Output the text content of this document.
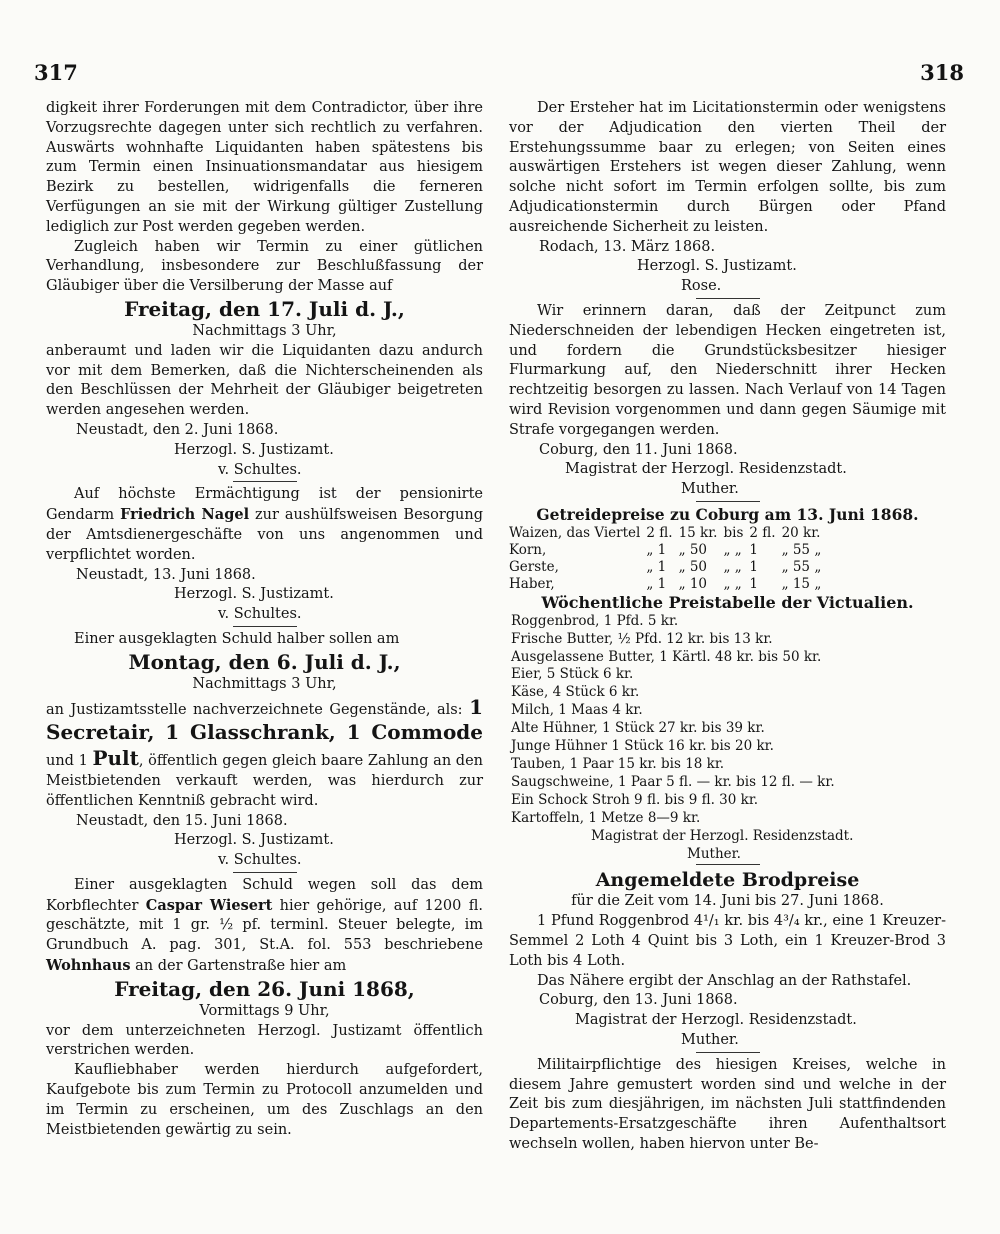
317	318

digkeit ihrer Forderungen mit dem Contradictor, über ihre Vorzugsrechte dagegen unter sich rechtlich zu verfahren. Auswärts wohnhafte Liquidanten haben spätestens bis zum Termin einen Insinuationsmandatar aus hiesigem Bezirk zu bestellen, widrigenfalls die ferneren Verfügungen an sie mit der Wirkung gültiger Zustellung lediglich zur Post werden gegeben werden.

Zugleich haben wir Termin zu einer gütlichen Verhandlung, insbesondere zur Beschlußfassung der Gläubiger über die Versilberung der Masse auf

Freitag, den 17. Juli d. J.,

Nachmittags 3 Uhr,

anberaumt und laden wir die Liquidanten dazu andurch vor mit dem Bemerken, daß die Nichterscheinenden als den Beschlüssen der Mehrheit der Gläubiger beigetreten werden angesehen werden.

Neustadt, den 2. Juni 1868.

Herzogl. S. Justizamt.

v. Schultes.

Auf höchste Ermächtigung ist der pensionirte Gendarm Friedrich Nagel zur aushülfsweisen Besorgung der Amtsdienergeschäfte von uns angenommen und verpflichtet worden.

Neustadt, 13. Juni 1868.

Herzogl. S. Justizamt.

v. Schultes.

Einer ausgeklagten Schuld halber sollen am

Montag, den 6. Juli d. J.,

Nachmittags 3 Uhr,

an Justizamtsstelle nachverzeichnete Gegenstände, als: 1 Secretair, 1 Glasschrank, 1 Commode und 1 Pult, öffentlich gegen gleich baare Zahlung an den Meistbietenden verkauft werden, was hierdurch zur öffentlichen Kenntniß gebracht wird.

Neustadt, den 15. Juni 1868.

Herzogl. S. Justizamt.

v. Schultes.

Einer ausgeklagten Schuld wegen soll das dem Korbflechter Caspar Wiesert hier gehörige, auf 1200 fl. geschätzte, mit 1 gr. ½ pf. terminl. Steuer belegte, im Grundbuch A. pag. 301, St.A. fol. 553 beschriebene Wohnhaus an der Gartenstraße hier am

Freitag, den 26. Juni 1868,

Vormittags 9 Uhr,

vor dem unterzeichneten Herzogl. Justizamt öffentlich verstrichen werden.

Kaufliebhaber werden hierdurch aufgefordert, Kaufgebote bis zum Termin zu Protocoll anzumelden und im Termin zu erscheinen, um des Zuschlags an den Meistbietenden gewärtig zu sein.

Der Ersteher hat im Licitationstermin oder wenigstens vor der Adjudication den vierten Theil der Erstehungssumme baar zu erlegen; von Seiten eines auswärtigen Erstehers ist wegen dieser Zahlung, wenn solche nicht sofort im Termin erfolgen sollte, bis zum Adjudicationstermin durch Bürgen oder Pfand ausreichende Sicherheit zu leisten.

Rodach, 13. März 1868.

Herzogl. S. Justizamt.

Rose.

Wir erinnern daran, daß der Zeitpunct zum Niederschneiden der lebendigen Hecken eingetreten ist, und fordern die Grundstücksbesitzer hiesiger Flurmarkung auf, den Niederschnitt ihrer Hecken rechtzeitig besorgen zu lassen. Nach Verlauf von 14 Tagen wird Revision vorgenommen und dann gegen Säumige mit Strafe vorgegangen werden.

Coburg, den 11. Juni 1868.

Magistrat der Herzogl. Residenzstadt.

Muther.

Getreidepreise zu Coburg am 13. Juni 1868.

Waizen, das Viertel	2 fl.	15 kr.	bis	2 fl.	20 kr.
Korn,	„ 1	„ 50	„ „	1	„ 55 „
Gerste,	„ 1	„ 50	„ „	1	„ 55 „
Haber,	„ 1	„ 10	„ „	1	„ 15 „

Wöchentliche Preistabelle der Victualien.

Roggenbrod, 1 Pfd. 5 kr.

Frische Butter, ½ Pfd. 12 kr. bis 13 kr.

Ausgelassene Butter, 1 Kärtl. 48 kr. bis 50 kr.

Eier, 5 Stück 6 kr.

Käse, 4 Stück 6 kr.

Milch, 1 Maas 4 kr.

Alte Hühner, 1 Stück 27 kr. bis 39 kr.

Junge Hühner 1 Stück 16 kr. bis 20 kr.

Tauben, 1 Paar 15 kr. bis 18 kr.

Saugschweine, 1 Paar 5 fl. — kr. bis 12 fl. — kr.

Ein Schock Stroh 9 fl. bis 9 fl. 30 kr.

Kartoffeln, 1 Metze 8—9 kr.

Magistrat der Herzogl. Residenzstadt.

Muther.

Angemeldete Brodpreise

für die Zeit vom 14. Juni bis 27. Juni 1868.

1 Pfund Roggenbrod 4¹/₁ kr. bis 4³/₄ kr., eine 1 Kreuzer-Semmel 2 Loth 4 Quint bis 3 Loth, ein 1 Kreuzer-Brod 3 Loth bis 4 Loth.

Das Nähere ergibt der Anschlag an der Rathstafel.

Coburg, den 13. Juni 1868.

Magistrat der Herzogl. Residenzstadt.

Muther.

Militairpflichtige des hiesigen Kreises, welche in diesem Jahre gemustert worden sind und welche in der Zeit bis zum diesjährigen, im nächsten Juli stattfindenden Departements-Ersatzgeschäfte ihren Aufenthaltsort wechseln wollen, haben hiervon unter Be-
